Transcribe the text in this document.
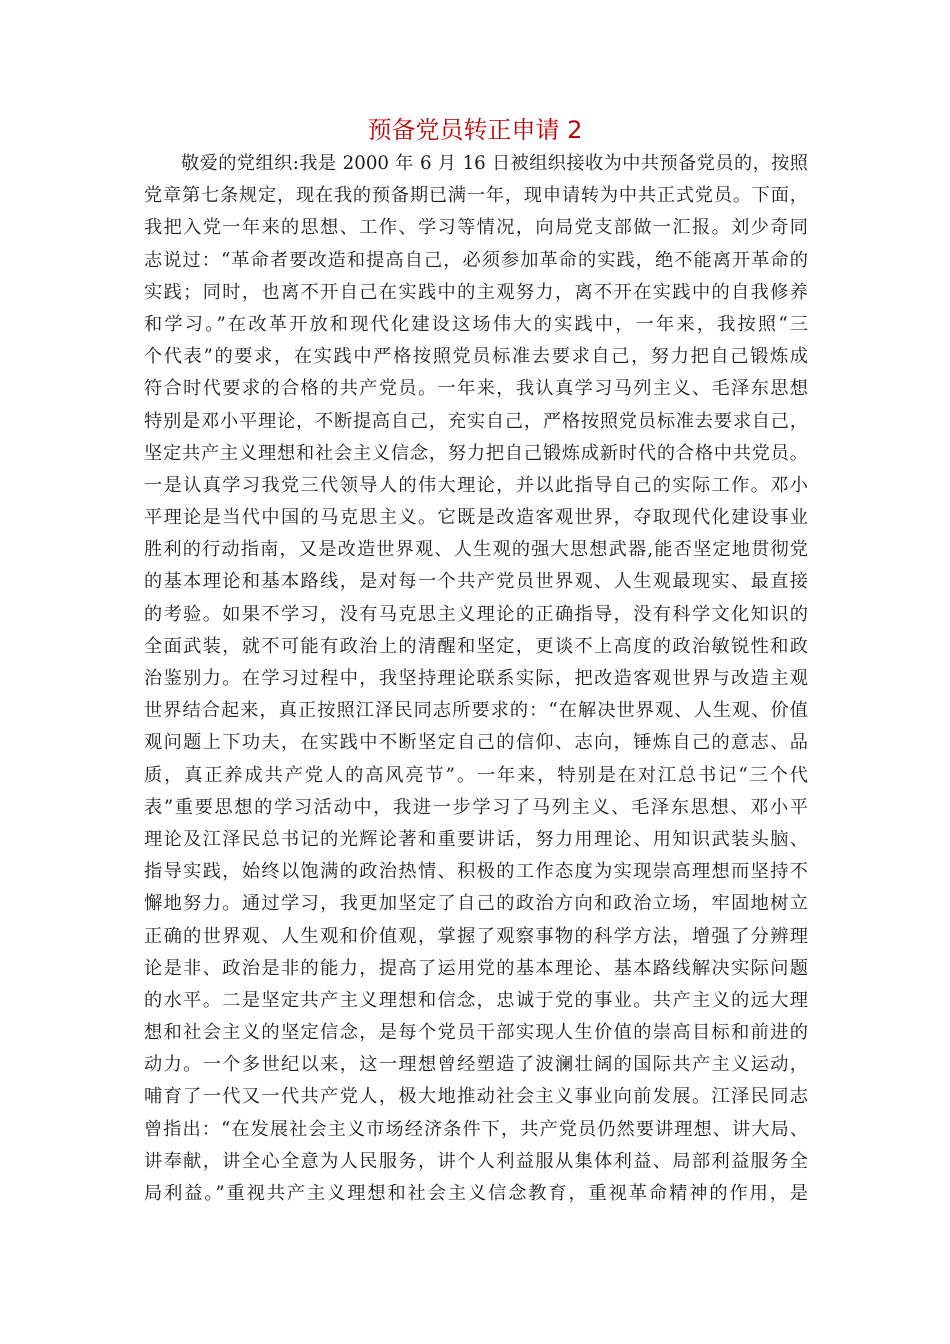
预备党员转正申请 2
敬爱的党组织:我是 2000 年 6 月 16 日被组织接收为中共预备党员的，按照
党章第七条规定，现在我的预备期已满一年，现申请转为中共正式党员。下面，
我把入党一年来的思想、工作、学习等情况，向局党支部做一汇报。刘少奇同
志说过：“革命者要改造和提高自己，必须参加革命的实践，绝不能离开革命的
实践；同时，也离不开自己在实践中的主观努力，离不开在实践中的自我修养
和学习。”在改革开放和现代化建设这场伟大的实践中，一年来，我按照“三
个代表”的要求，在实践中严格按照党员标准去要求自己，努力把自己锻炼成
符合时代要求的合格的共产党员。一年来，我认真学习马列主义、毛泽东思想
特别是邓小平理论，不断提高自己，充实自己，严格按照党员标准去要求自己，
坚定共产主义理想和社会主义信念，努力把自己锻炼成新时代的合格中共党员。
一是认真学习我党三代领导人的伟大理论，并以此指导自己的实际工作。邓小
平理论是当代中国的马克思主义。它既是改造客观世界，夺取现代化建设事业
胜利的行动指南，又是改造世界观、人生观的强大思想武器,能否坚定地贯彻党
的基本理论和基本路线，是对每一个共产党员世界观、人生观最现实、最直接
的考验。如果不学习，没有马克思主义理论的正确指导，没有科学文化知识的
全面武装，就不可能有政治上的清醒和坚定，更谈不上高度的政治敏锐性和政
治鉴别力。在学习过程中，我坚持理论联系实际，把改造客观世界与改造主观
世界结合起来，真正按照江泽民同志所要求的：“在解决世界观、人生观、价值
观问题上下功夫，在实践中不断坚定自己的信仰、志向，锤炼自己的意志、品
质，真正养成共产党人的高风亮节”。一年来，特别是在对江总书记“三个代
表”重要思想的学习活动中，我进一步学习了马列主义、毛泽东思想、邓小平
理论及江泽民总书记的光辉论著和重要讲话，努力用理论、用知识武装头脑、
指导实践，始终以饱满的政治热情、积极的工作态度为实现崇高理想而坚持不
懈地努力。通过学习，我更加坚定了自己的政治方向和政治立场，牢固地树立
正确的世界观、人生观和价值观，掌握了观察事物的科学方法，增强了分辨理
论是非、政治是非的能力，提高了运用党的基本理论、基本路线解决实际问题
的水平。二是坚定共产主义理想和信念，忠诚于党的事业。共产主义的远大理
想和社会主义的坚定信念，是每个党员干部实现人生价值的崇高目标和前进的
动力。一个多世纪以来，这一理想曾经塑造了波澜壮阔的国际共产主义运动，
哺育了一代又一代共产党人，极大地推动社会主义事业向前发展。江泽民同志
曾指出：“在发展社会主义市场经济条件下，共产党员仍然要讲理想、讲大局、
讲奉献，讲全心全意为人民服务，讲个人利益服从集体利益、局部利益服务全
局利益。”重视共产主义理想和社会主义信念教育，重视革命精神的作用，是
